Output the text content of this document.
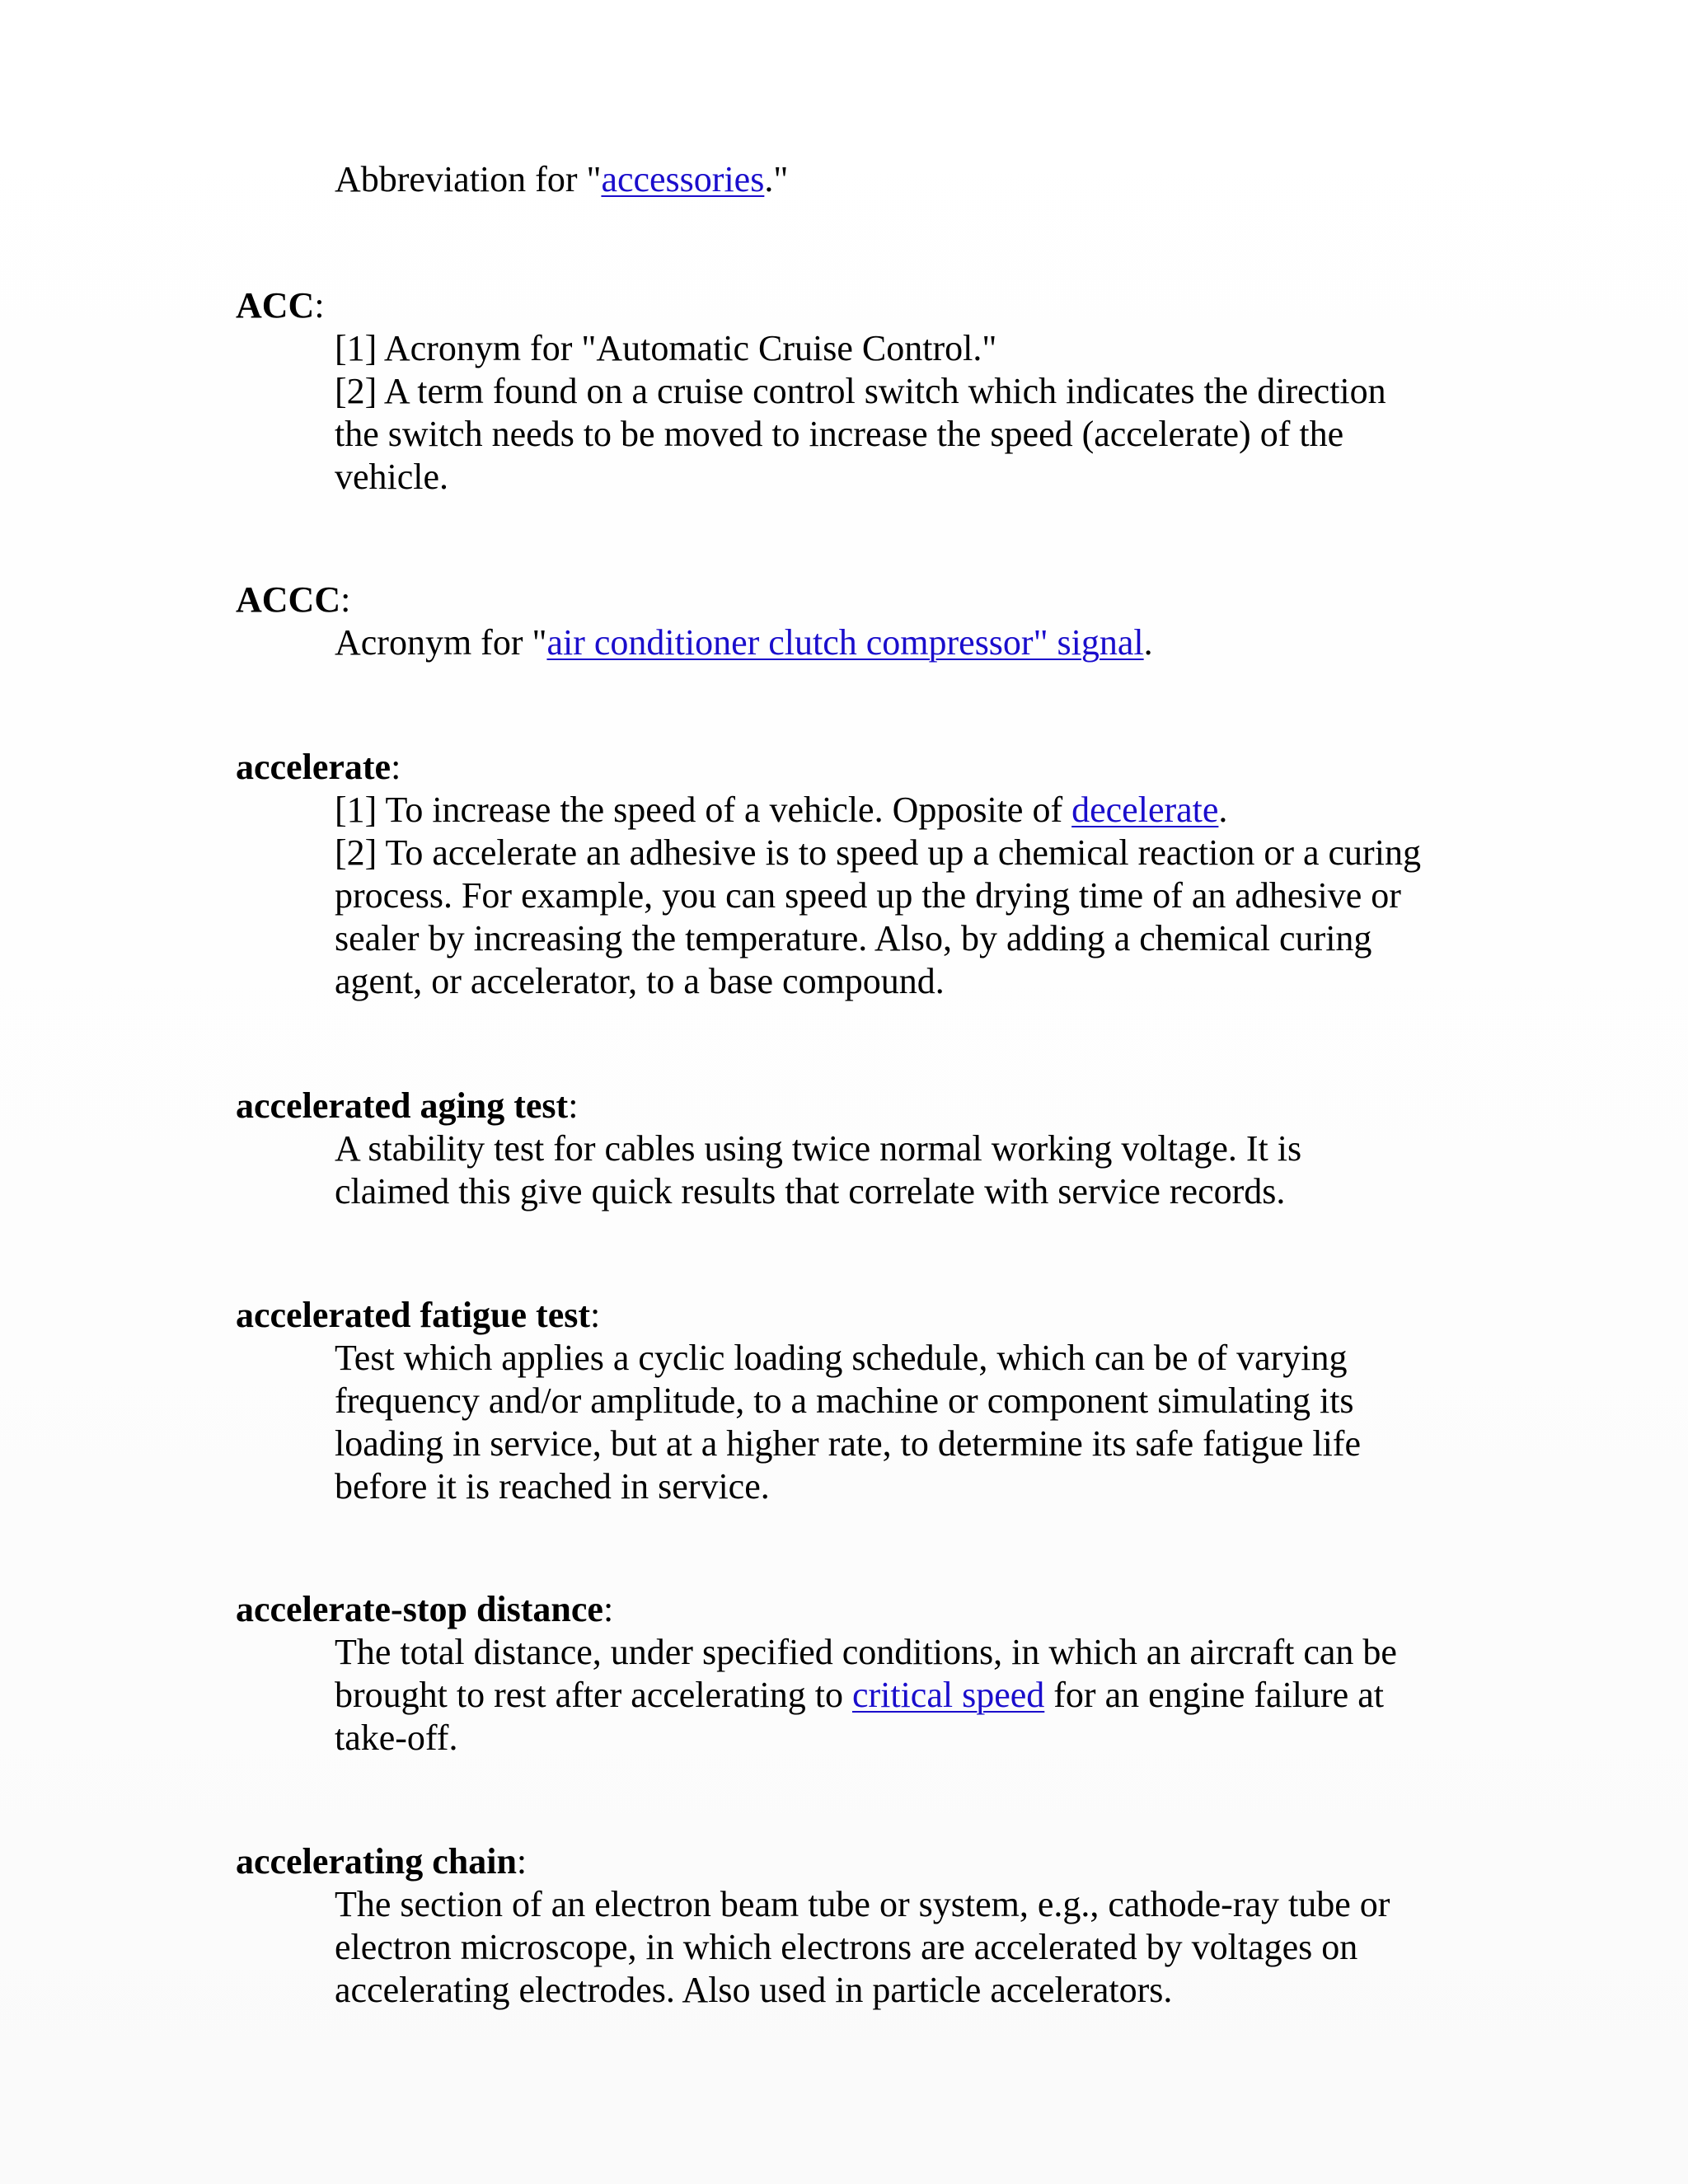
Abbreviation for "accessories."
ACC:
[1] Acronym for "Automatic Cruise Control."
[2] A term found on a cruise control switch which indicates the direction
the switch needs to be moved to increase the speed (accelerate) of the
vehicle.
ACCC:
Acronym for "air conditioner clutch compressor" signal.
accelerate:
[1] To increase the speed of a vehicle. Opposite of decelerate.
[2] To accelerate an adhesive is to speed up a chemical reaction or a curing
process. For example, you can speed up the drying time of an adhesive or
sealer by increasing the temperature. Also, by adding a chemical curing
agent, or accelerator, to a base compound.
accelerated aging test:
A stability test for cables using twice normal working voltage. It is
claimed this give quick results that correlate with service records.
accelerated fatigue test:
Test which applies a cyclic loading schedule, which can be of varying
frequency and/or amplitude, to a machine or component simulating its
loading in service, but at a higher rate, to determine its safe fatigue life
before it is reached in service.
accelerate-stop distance:
The total distance, under specified conditions, in which an aircraft can be
brought to rest after accelerating to critical speed for an engine failure at
take-off.
accelerating chain:
The section of an electron beam tube or system, e.g., cathode-ray tube or
electron microscope, in which electrons are accelerated by voltages on
accelerating electrodes. Also used in particle accelerators.
